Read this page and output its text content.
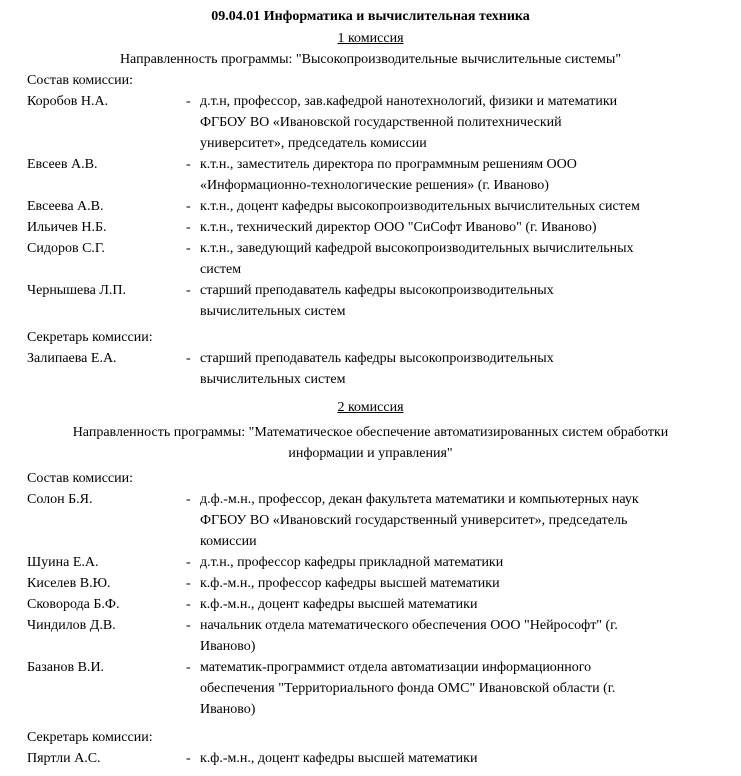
09.04.01 Информатика и вычислительная техника
1 комиссия
Направленность программы: "Высокопроизводительные вычислительные системы"
Состав комиссии:
Коробов Н.А.	- д.т.н, профессор, зав.кафедрой нанотехнологий, физики и математики
ФГБОУ ВО «Ивановской государственной политехнический
университет», председатель комиссии
Евсеев А.В.	- к.т.н., заместитель директора по программным решениям ООО
«Информационно-технологические решения» (г. Иваново)
Евсеева А.В.	- к.т.н., доцент кафедры высокопроизводительных вычислительных систем
Ильичев Н.Б.	- к.т.н., технический директор ООО "СиСофт Иваново" (г. Иваново)
Сидоров С.Г.	- к.т.н., заведующий кафедрой высокопроизводительных вычислительных
систем
Чернышева Л.П.	- старший преподаватель кафедры высокопроизводительных
вычислительных систем
Секретарь комиссии:
Залипаева Е.А.	- старший преподаватель кафедры высокопроизводительных
вычислительных систем
2 комиссия
Направленность программы: "Математическое обеспечение автоматизированных систем обработки
информации и управления"
Состав комиссии:
Солон Б.Я.	- д.ф.-м.н., профессор, декан факультета математики и компьютерных наук
ФГБОУ ВО «Ивановский государственный университет», председатель
комиссии
Шуина Е.А.	- д.т.н., профессор кафедры прикладной математики
Киселев В.Ю.	- к.ф.-м.н., профессор кафедры высшей математики
Сковорода Б.Ф.	- к.ф.-м.н., доцент кафедры высшей математики
Чиндилов Д.В.	- начальник отдела математического обеспечения ООО "Нейрософт" (г.
Иваново)
Базанов В.И.	- математик-программист отдела автоматизации информационного
обеспечения "Территориального фонда ОМС" Ивановской области (г.
Иваново)
Секретарь комиссии:
Пяртли А.С.	- к.ф.-м.н., доцент кафедры высшей математики
